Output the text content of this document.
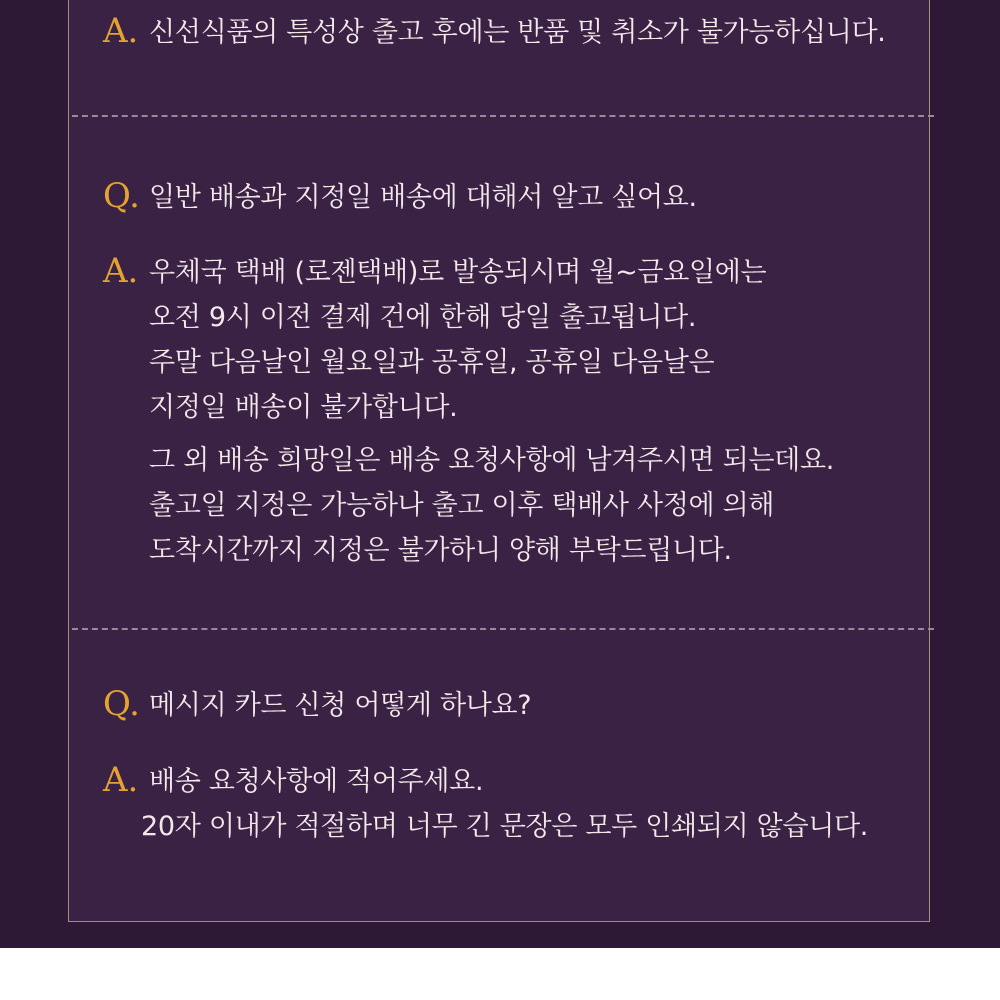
A. 신선식품의 특성상 출고 후에는 반품 및 취소가 불가능하십니다.
Q. 일반 배송과 지정일 배송에 대해서 알고 싶어요.
A. 우체국 택배 (로젠택배)로 발송되시며 월~금요일에는
오전 9시 이전 결제 건에 한해 당일 출고됩니다.
주말 다음날인 월요일과 공휴일, 공휴일 다음날은
지정일 배송이 불가합니다.
그 외 배송 희망일은 배송 요청사항에 남겨주시면 되는데요.
출고일 지정은 가능하나 출고 이후 택배사 사정에 의해
도착시간까지 지정은 불가하니 양해 부탁드립니다.
Q. 메시지 카드 신청 어떻게 하나요?
A. 배송 요청사항에 적어주세요.
20자 이내가 적절하며 너무 긴 문장은 모두 인쇄되지 않습니다.
